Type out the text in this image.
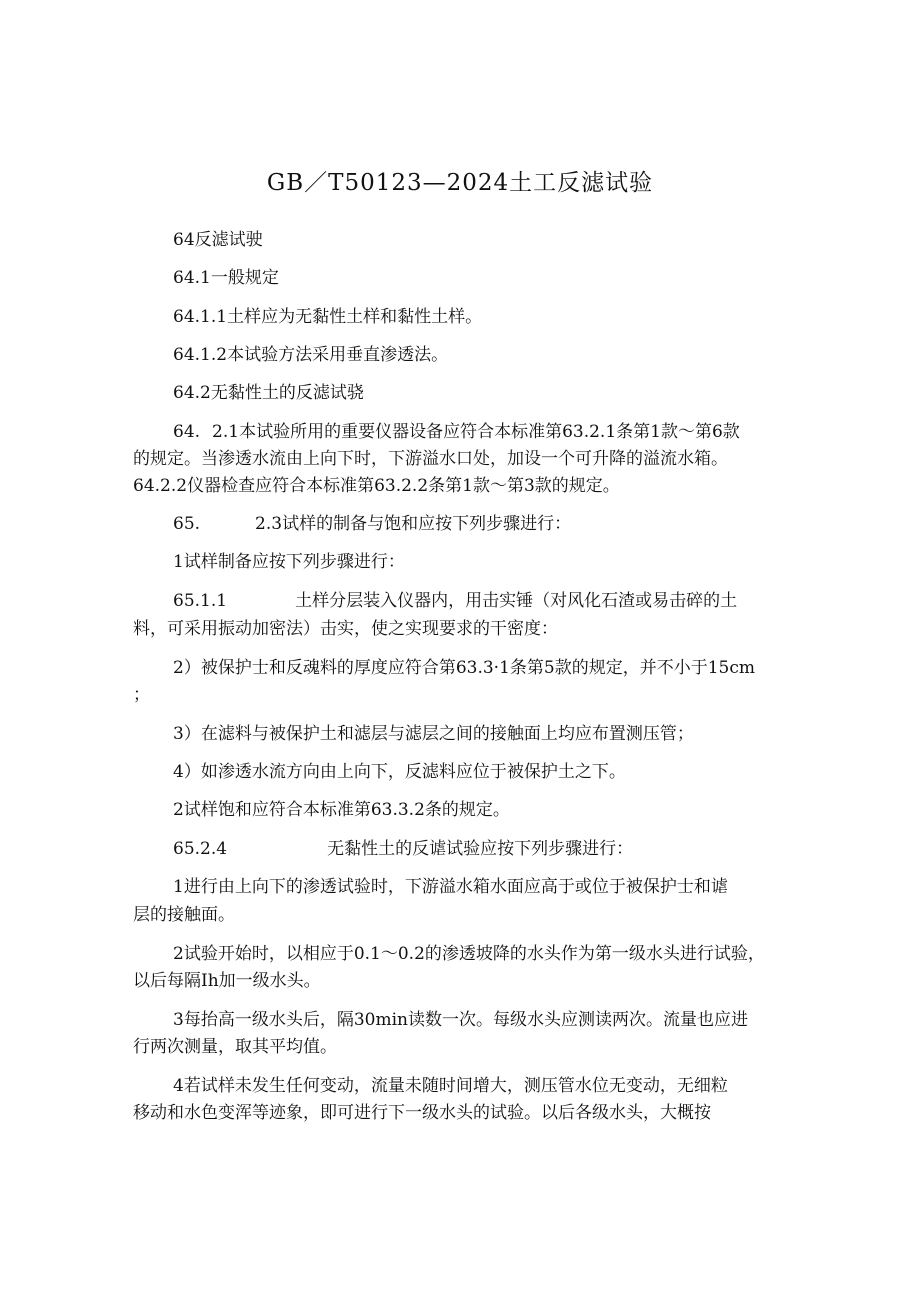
GB／T50123—2024土工反滤试验
64反滤试驶
64.1一般规定
64.1.1土样应为无黏性土样和黏性土样。
64.1.2本试验方法采用垂直渗透法。
64.2无黏性土的反滤试骁
64. 2.1本试验所用的重要仪器设备应符合本标准第63.2.1条第1款〜第6款
的规定。当渗透水流由上向下时，下游溢水口处，加设一个可升降的溢流水箱。
64.2.2仪器检查应符合本标准第63.2.2条第1款〜第3款的规定。
65.	2.3试样的制备与饱和应按下列步骤进行：
1试样制备应按下列步骤进行：
65.1.1	土样分层装入仪器内，用击实锤（对风化石渣或易击碎的土
料，可采用振动加密法）击实，使之实现要求的干密度：
2）被保护士和反魂料的厚度应符合第63.3·1条第5款的规定，并不小于15cm
；
3）在滤料与被保护土和滤层与滤层之间的接触面上均应布置测压管；
4）如渗透水流方向由上向下，反滤料应位于被保护土之下。
2试样饱和应符合本标准第63.3.2条的规定。
65.2.4	无黏性土的反谑试验应按下列步骤进行：
1进行由上向下的渗透试验时，下游溢水箱水面应高于或位于被保护士和谑
层的接触面。
2试验开始时，以相应于0.1～0.2的渗透坡降的水头作为第一级水头进行试验，
以后每隔Ih加一级水头。
3每抬高一级水头后，隔30min读数一次。每级水头应测读两次。流量也应进
行两次测量，取其平均值。
4若试样未发生任何变动，流量未随时间增大，测压管水位无变动，无细粒
移动和水色变浑等迹象，即可进行下一级水头的试验。以后各级水头，大概按
